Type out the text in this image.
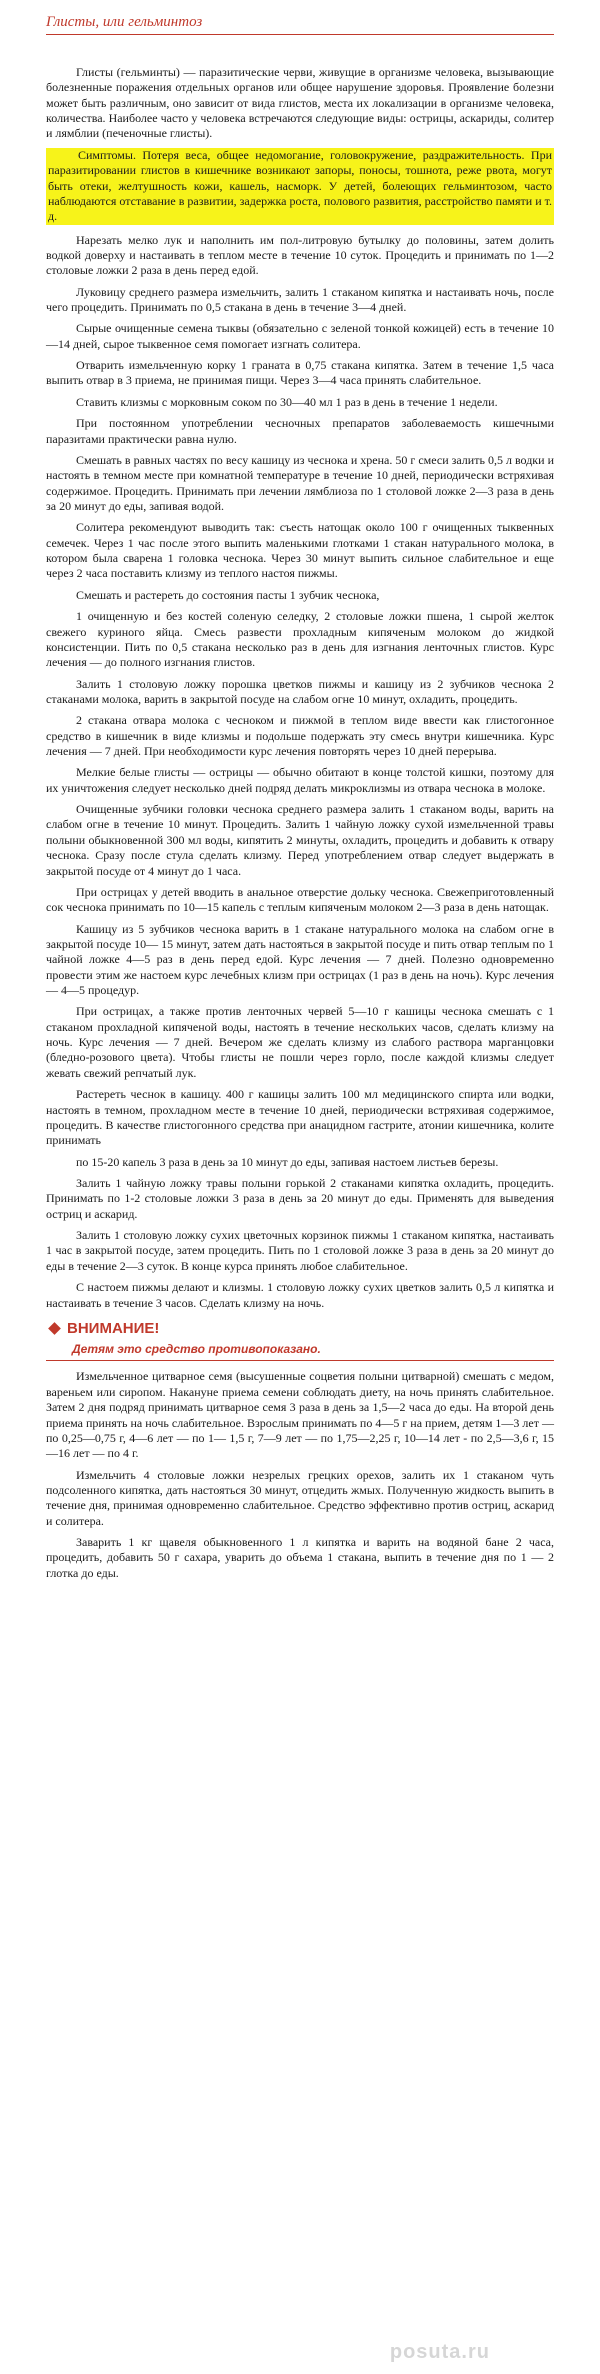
Глисты, или гельминтоз

Глисты (гельминты) — паразитические черви, живущие в организме человека, вызывающие болезненные поражения отдельных органов или общее нарушение здоровья. Проявление болезни может быть различным, оно зависит от вида глистов, места их локализации в организме человека, количества. Наиболее часто у человека встречаются следующие виды: острицы, аскариды, солитер и лямблии (печеночные глисты).

Симптомы. Потеря веса, общее недомогание, головокружение, раздражительность. При паразитировании глистов в кишечнике возникают запоры, поносы, тошнота, реже рвота, могут быть отеки, желтушность кожи, кашель, насморк. У детей, болеющих гельминтозом, часто наблюдаются отставание в развитии, задержка роста, полового развития, расстройство памяти и т. д.

Нарезать мелко лук и наполнить им пол-литровую бутылку до половины, затем долить водкой доверху и настаивать в теплом месте в течение 10 суток. Процедить и принимать по 1—2 столовые ложки 2 раза в день перед едой.

Луковицу среднего размера измельчить, залить 1 стаканом кипятка и настаивать ночь, после чего процедить. Принимать по 0,5 стакана в день в течение 3—4 дней.

Сырые очищенные семена тыквы (обязательно с зеленой тонкой кожицей) есть в течение 10—14 дней, сырое тыквенное семя помогает изгнать солитера.

Отварить измельченную корку 1 граната в 0,75 стакана кипятка. Затем в течение 1,5 часа выпить отвар в 3 приема, не принимая пищи. Через 3—4 часа принять слабительное.

Ставить клизмы с морковным соком по 30—40 мл 1 раз в день в течение 1 недели.

При постоянном употреблении чесночных препаратов заболеваемость кишечными паразитами практически равна нулю.

Смешать в равных частях по весу кашицу из чеснока и хрена. 50 г смеси залить 0,5 л водки и настоять в темном месте при комнатной температуре в течение 10 дней, периодически встряхивая содержимое. Процедить. Принимать при лечении лямблиоза по 1 столовой ложке 2—3 раза в день за 20 минут до еды, запивая водой.

Солитера рекомендуют выводить так: съесть натощак около 100 г очищенных тыквенных семечек. Через 1 час после этого выпить маленькими глотками 1 стакан натурального молока, в котором была сварена 1 головка чеснока. Через 30 минут выпить сильное слабительное и еще через 2 часа поставить клизму из теплого настоя пижмы.

Смешать и растереть до состояния пасты 1 зубчик чеснока,

1 очищенную и без костей соленую селедку, 2 столовые ложки пшена, 1 сырой желток свежего куриного яйца. Смесь развести прохладным кипяченым молоком до жидкой консистенции. Пить по 0,5 стакана несколько раз в день для изгнания ленточных глистов. Курс лечения — до полного изгнания глистов.

Залить 1 столовую ложку порошка цветков пижмы и кашицу из 2 зубчиков чеснока 2 стаканами молока, варить в закрытой посуде на слабом огне 10 минут, охладить, процедить.

2 стакана отвара молока с чесноком и пижмой в теплом виде ввести как глистогонное средство в кишечник в виде клизмы и подольше подержать эту смесь внутри кишечника. Курс лечения — 7 дней. При необходимости курс лечения повторять через 10 дней перерыва.

Мелкие белые глисты — острицы — обычно обитают в конце толстой кишки, поэтому для их уничтожения следует несколько дней подряд делать микроклизмы из отвара чеснока в молоке.

Очищенные зубчики головки чеснока среднего размера залить 1 стаканом воды, варить на слабом огне в течение 10 минут. Процедить. Залить 1 чайную ложку сухой измельченной травы полыни обыкновенной 300 мл воды, кипятить 2 минуты, охладить, процедить и добавить к отвару чеснока. Сразу после стула сделать клизму. Перед употреблением отвар следует выдержать в закрытой посуде от 4 минут до 1 часа.

При острицах у детей вводить в анальное отверстие дольку чеснока. Свежеприготовленный сок чеснока принимать по 10—15 капель с теплым кипяченым молоком 2—3 раза в день натощак.

Кашицу из 5 зубчиков чеснока варить в 1 стакане натурального молока на слабом огне в закрытой посуде 10— 15 минут, затем дать настояться в закрытой посуде и пить отвар теплым по 1 чайной ложке 4—5 раз в день перед едой. Курс лечения — 7 дней. Полезно одновременно провести этим же настоем курс лечебных клизм при острицах (1 раз в день на ночь). Курс лечения — 4—5 процедур.

При острицах, а также против ленточных червей 5—10 г кашицы чеснока смешать с 1 стаканом прохладной кипяченой воды, настоять в течение нескольких часов, сделать клизму на ночь. Курс лечения — 7 дней. Вечером же сделать клизму из слабого раствора марганцовки (бледно-розового цвета). Чтобы глисты не пошли через горло, после каждой клизмы следует жевать свежий репчатый лук.

Растереть чеснок в кашицу. 400 г кашицы залить 100 мл медицинского спирта или водки, настоять в темном, прохладном месте в течение 10 дней, периодически встряхивая содержимое, процедить. В качестве глистогонного средства при анацидном гастрите, атонии кишечника, колите принимать

по 15-20 капель 3 раза в день за 10 минут до еды, запивая настоем листьев березы.

Залить 1 чайную ложку травы полыни горькой 2 стаканами кипятка охладить, процедить. Принимать по 1-2 столовые ложки 3 раза в день за 20 минут до еды. Применять для выведения остриц и аскарид.

Залить 1 столовую ложку сухих цветочных корзинок пижмы 1 стаканом кипятка, настаивать 1 час в закрытой посуде, затем процедить. Пить по 1 столовой ложке 3 раза в день за 20 минут до еды в течение 2—3 суток. В конце курса принять любое слабительное.

С настоем пижмы делают и клизмы. 1 столовую ложку сухих цветков залить 0,5 л кипятка и настаивать в течение 3 часов. Сделать клизму на ночь.

ВНИМАНИЕ!
Детям это средство противопоказано.

Измельченное цитварное семя (высушенные соцветия полыни цитварной) смешать с медом, вареньем или сиропом. Накануне приема семени соблюдать диету, на ночь принять слабительное. Затем 2 дня подряд принимать цитварное семя 3 раза в день за 1,5—2 часа до еды. На второй день приема принять на ночь слабительное. Взрослым принимать по 4—5 г на прием, детям 1—3 лет — по 0,25—0,75 г, 4—6 лет — по 1— 1,5 г, 7—9 лет — по 1,75—2,25 г, 10—14 лет - по 2,5—3,6 г, 15—16 лет — по 4 г.

Измельчить 4 столовые ложки незрелых грецких орехов, залить их 1 стаканом чуть подсоленного кипятка, дать настояться 30 минут, отцедить жмых. Полученную жидкость выпить в течение дня, принимая одновременно слабительное. Средство эффективно против остриц, аскарид и солитера.

Заварить 1 кг щавеля обыкновенного 1 л кипятка и варить на водяной бане 2 часа, процедить, добавить 50 г сахара, уварить до объема 1 стакана, выпить в течение дня по 1 — 2 глотка до еды.

posuta.ru
